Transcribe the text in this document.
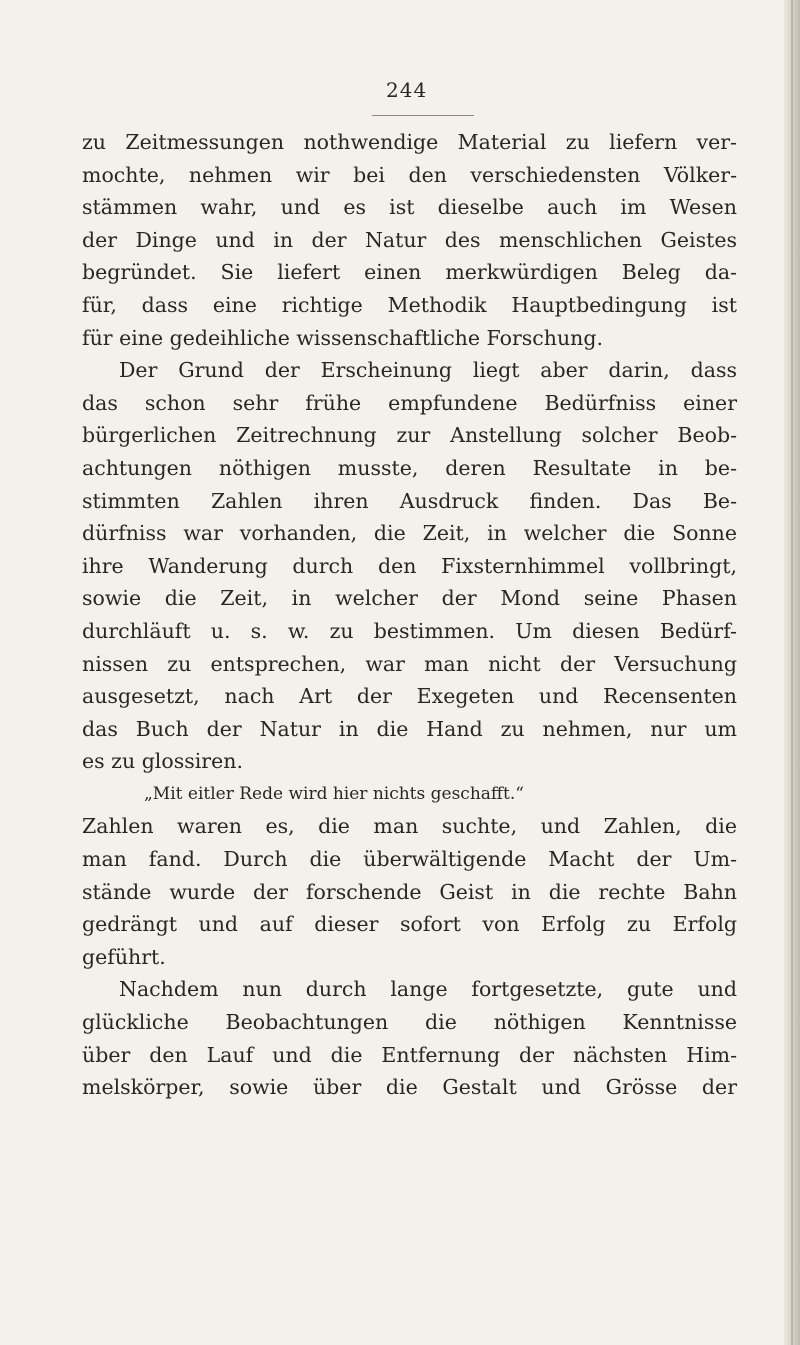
244
zu Zeitmessungen nothwendige Material zu liefern ver-
mochte, nehmen wir bei den verschiedensten Völker-
stämmen wahr, und es ist dieselbe auch im Wesen
der Dinge und in der Natur des menschlichen Geistes
begründet. Sie liefert einen merkwürdigen Beleg da-
für, dass eine richtige Methodik Hauptbedingung ist
für eine gedeihliche wissenschaftliche Forschung.
Der Grund der Erscheinung liegt aber darin, dass
das schon sehr frühe empfundene Bedürfniss einer
bürgerlichen Zeitrechnung zur Anstellung solcher Beob-
achtungen nöthigen musste, deren Resultate in be-
stimmten Zahlen ihren Ausdruck finden. Das Be-
dürfniss war vorhanden, die Zeit, in welcher die Sonne
ihre Wanderung durch den Fixsternhimmel vollbringt,
sowie die Zeit, in welcher der Mond seine Phasen
durchläuft u. s. w. zu bestimmen. Um diesen Bedürf-
nissen zu entsprechen, war man nicht der Versuchung
ausgesetzt, nach Art der Exegeten und Recensenten
das Buch der Natur in die Hand zu nehmen, nur um
es zu glossiren.
„Mit eitler Rede wird hier nichts geschafft.“
Zahlen waren es, die man suchte, und Zahlen, die
man fand. Durch die überwältigende Macht der Um-
stände wurde der forschende Geist in die rechte Bahn
gedrängt und auf dieser sofort von Erfolg zu Erfolg
geführt.
Nachdem nun durch lange fortgesetzte, gute und
glückliche Beobachtungen die nöthigen Kenntnisse
über den Lauf und die Entfernung der nächsten Him-
melskörper, sowie über die Gestalt und Grösse der
